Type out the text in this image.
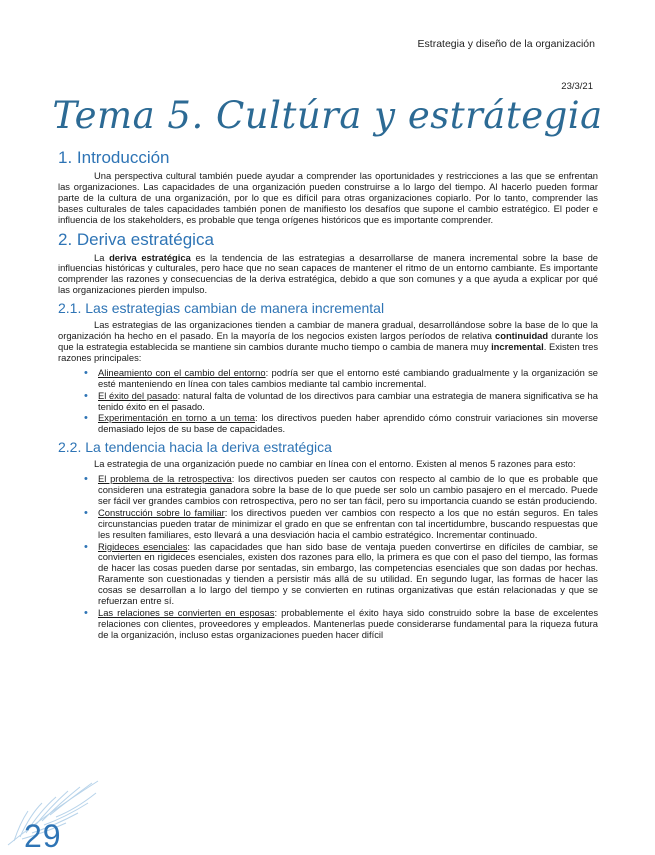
Estrategia y diseño de la organización
23/3/21
Tema 5. Cultúra y estrátegia
1. Introducción

Una perspectiva cultural también puede ayudar a comprender las oportunidades y restricciones a las que se enfrentan las organizaciones. Las capacidades de una organización pueden construirse a lo largo del tiempo. Al hacerlo pueden formar parte de la cultura de una organización, por lo que es difícil para otras organizaciones copiarlo. Por lo tanto, comprender las bases culturales de tales capacidades también ponen de manifiesto los desafíos que supone el cambio estratégico. El poder e influencia de los stakeholders, es probable que tenga orígenes históricos que es importante comprender.

2. Deriva estratégica

La deriva estratégica es la tendencia de las estrategias a desarrollarse de manera incremental sobre la base de influencias históricas y culturales, pero hace que no sean capaces de mantener el ritmo de un entorno cambiante. Es importante comprender las razones y consecuencias de la deriva estratégica, debido a que son comunes y a que ayuda a explicar por qué las organizaciones pierden impulso.

2.1. Las estrategias cambian de manera incremental

Las estrategias de las organizaciones tienden a cambiar de manera gradual, desarrollándose sobre la base de lo que la organización ha hecho en el pasado. En la mayoría de los negocios existen largos períodos de relativa continuidad durante los que la estrategia establecida se mantiene sin cambios durante mucho tiempo o cambia de manera muy incremental. Existen tres razones principales:

• Alineamiento con el cambio del entorno: podría ser que el entorno esté cambiando gradualmente y la organización se esté manteniendo en línea con tales cambios mediante tal cambio incremental.
• El éxito del pasado: natural falta de voluntad de los directivos para cambiar una estrategia de manera significativa se ha tenido éxito en el pasado.
• Experimentación en torno a un tema: los directivos pueden haber aprendido cómo construir variaciones sin moverse demasiado lejos de su base de capacidades.
2.2. La tendencia hacia la deriva estratégica

La estrategia de una organización puede no cambiar en línea con el entorno. Existen al menos 5 razones para esto:

• El problema de la retrospectiva: los directivos pueden ser cautos con respecto al cambio de lo que es probable que consideren una estrategia ganadora sobre la base de lo que puede ser solo un cambio pasajero en el mercado. Puede ser fácil ver grandes cambios con retrospectiva, pero no ser tan fácil, pero su importancia cuando se están produciendo.
• Construcción sobre lo familiar: los directivos pueden ver cambios con respecto a los que no están seguros. En tales circunstancias pueden tratar de minimizar el grado en que se enfrentan con tal incertidumbre, buscando respuestas que les resulten familiares, esto llevará a una desviación hacia el cambio estratégico. Incrementar continuado.
• Rigideces esenciales: las capacidades que han sido base de ventaja pueden convertirse en difíciles de cambiar, se convierten en rigideces esenciales, existen dos razones para ello, la primera es que con el paso del tiempo, las formas de hacer las cosas pueden darse por sentadas, sin embargo, las competencias esenciales que son dadas por hechas. Raramente son cuestionadas y tienden a persistir más allá de su utilidad. En segundo lugar, las formas de hacer las cosas se desarrollan a lo largo del tiempo y se convierten en rutinas organizativas que están relacionadas y que se refuerzan entre sí.
• Las relaciones se convierten en esposas: probablemente el éxito haya sido construido sobre la base de excelentes relaciones con clientes, proveedores y empleados. Mantenerlas puede considerarse fundamental para la riqueza futura de la organización, incluso estas organizaciones pueden hacer difícil
29
